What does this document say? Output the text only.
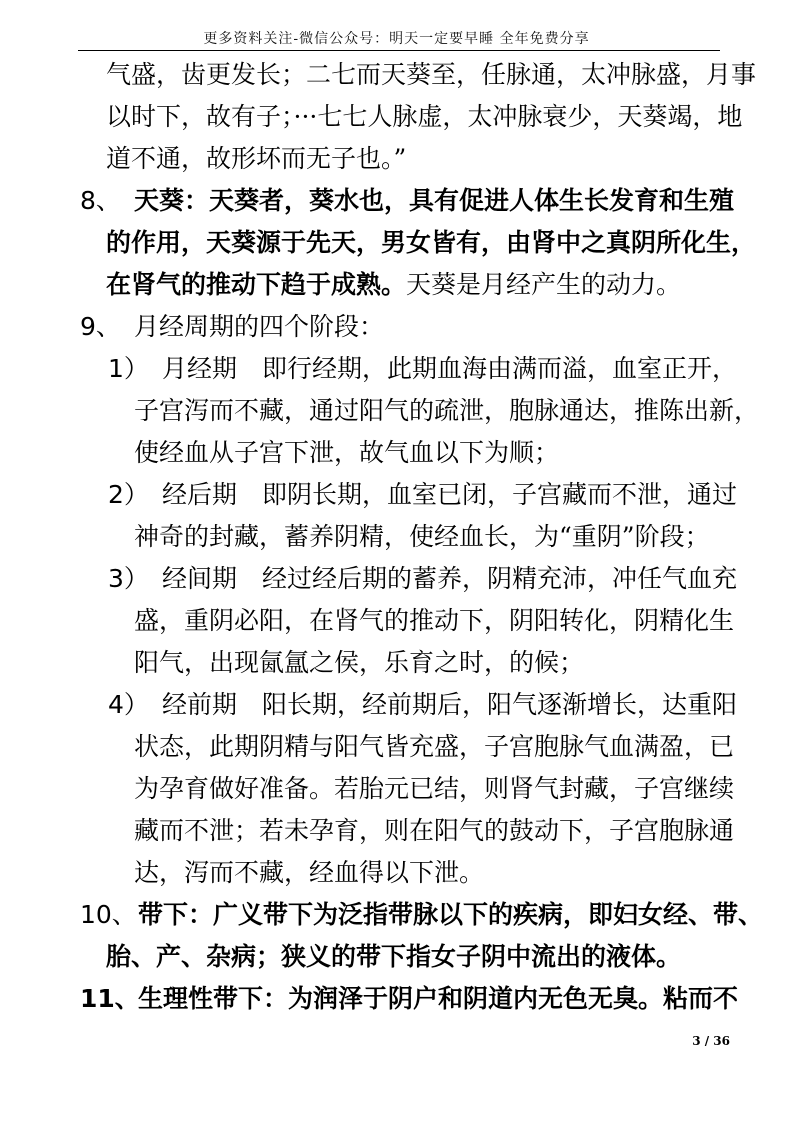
更多资料关注-微信公众号：明天一定要早睡 全年免费分享
气盛，齿更发长；二七而天葵至，任脉通，太冲脉盛，月事
以时下，故有子；···七七人脉虚，太冲脉衰少，天葵竭，地
道不通，故形坏而无子也。”
8、 天葵：天葵者，葵水也，具有促进人体生长发育和生殖
的作用，天葵源于先天，男女皆有，由肾中之真阴所化生，
在肾气的推动下趋于成熟。天葵是月经产生的动力。
9、 月经周期的四个阶段：
1） 月经期　即行经期，此期血海由满而溢，血室正开，
子宫泻而不藏，通过阳气的疏泄，胞脉通达，推陈出新，
使经血从子宫下泄，故气血以下为顺；
2） 经后期　即阴长期，血室已闭，子宫藏而不泄，通过
神奇的封藏，蓄养阴精，使经血长，为“重阴”阶段；
3） 经间期　经过经后期的蓄养，阴精充沛，冲任气血充
盛，重阴必阳，在肾气的推动下，阴阳转化，阴精化生
阳气，出现氤氲之侯，乐育之时，的候；
4） 经前期　阳长期，经前期后，阳气逐渐增长，达重阳
状态，此期阴精与阳气皆充盛，子宫胞脉气血满盈，已
为孕育做好准备。若胎元已结，则肾气封藏，子宫继续
藏而不泄；若未孕育，则在阳气的鼓动下，子宫胞脉通
达，泻而不藏，经血得以下泄。
10、 带下：广义带下为泛指带脉以下的疾病，即妇女经、带、
胎、产、杂病；狭义的带下指女子阴中流出的液体。
11、
生理性带下：为润泽于阴户和阴道内无色无臭。粘而不
3 / 36
